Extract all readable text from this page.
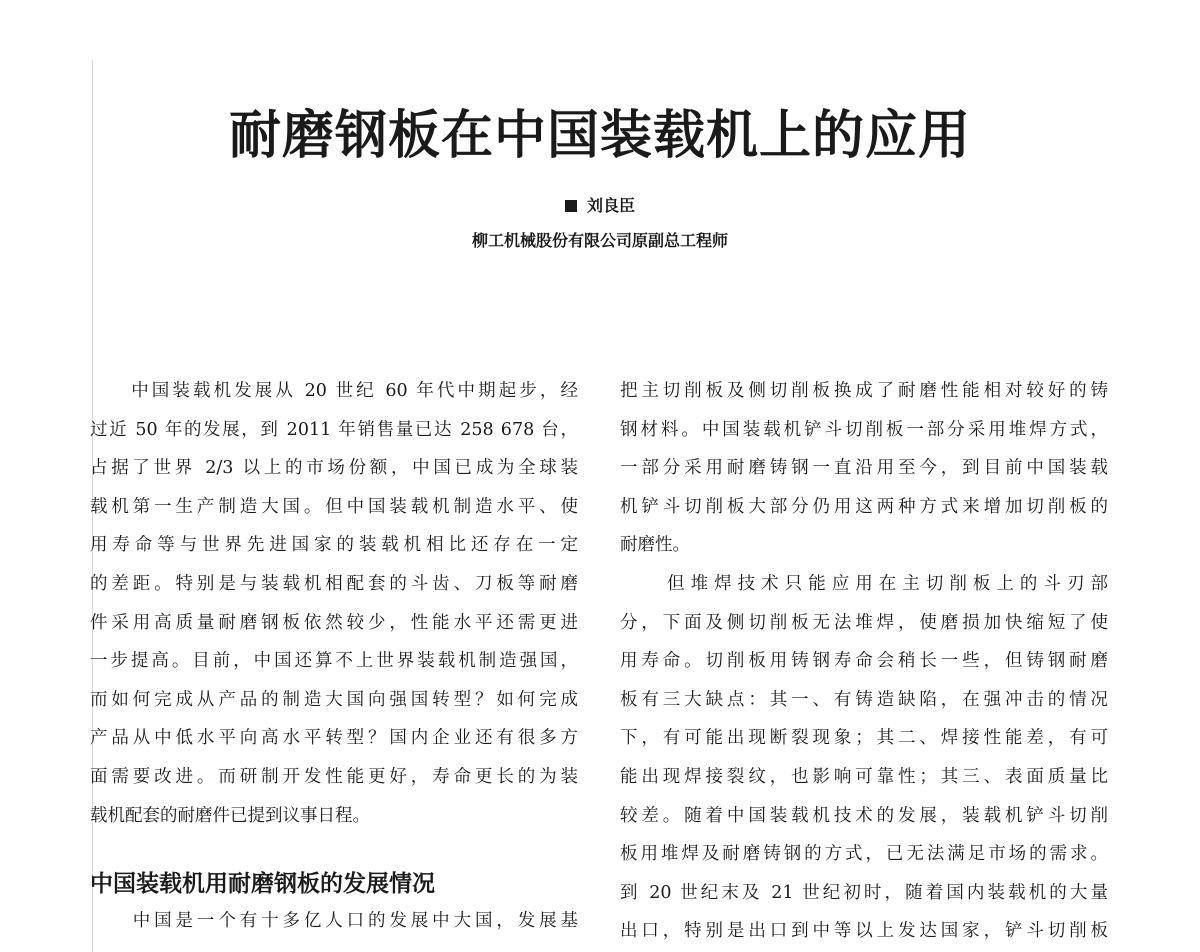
耐磨钢板在中国装载机上的应用
刘良臣
柳工机械股份有限公司原副总工程师
　　中国装载机发展从 20 世纪 60 年代中期起步，经
过近 50 年的发展，到 2011 年销售量已达 258 678 台，
占据了世界 2/3 以上的市场份额，中国已成为全球装
载机第一生产制造大国。但中国装载机制造水平、使
用寿命等与世界先进国家的装载机相比还存在一定
的差距。特别是与装载机相配套的斗齿、刀板等耐磨
件采用高质量耐磨钢板依然较少，性能水平还需更进
一步提高。目前，中国还算不上世界装载机制造强国，
而如何完成从产品的制造大国向强国转型？如何完成
产品从中低水平向高水平转型？国内企业还有很多方
面需要改进。而研制开发性能更好，寿命更长的为装
载机配套的耐磨件已提到议事日程。
中国装载机用耐磨钢板的发展情况
　　中国是一个有十多亿人口的发展中大国，发展基
把主切削板及侧切削板换成了耐磨性能相对较好的铸
钢材料。中国装载机铲斗切削板一部分采用堆焊方式，
一部分采用耐磨铸钢一直沿用至今，到目前中国装载
机铲斗切削板大部分仍用这两种方式来增加切削板的
耐磨性。
　　但堆焊技术只能应用在主切削板上的斗刃部
分，下面及侧切削板无法堆焊，使磨损加快缩短了使
用寿命。切削板用铸钢寿命会稍长一些，但铸钢耐磨
板有三大缺点：其一、有铸造缺陷，在强冲击的情况
下，有可能出现断裂现象；其二、焊接性能差，有可
能出现焊接裂纹，也影响可靠性；其三、表面质量比
较差。随着中国装载机技术的发展，装载机铲斗切削
板用堆焊及耐磨铸钢的方式，已无法满足市场的需求。
到 20 世纪末及 21 世纪初时，随着国内装载机的大量
出口，特别是出口到中等以上发达国家，铲斗切削板
